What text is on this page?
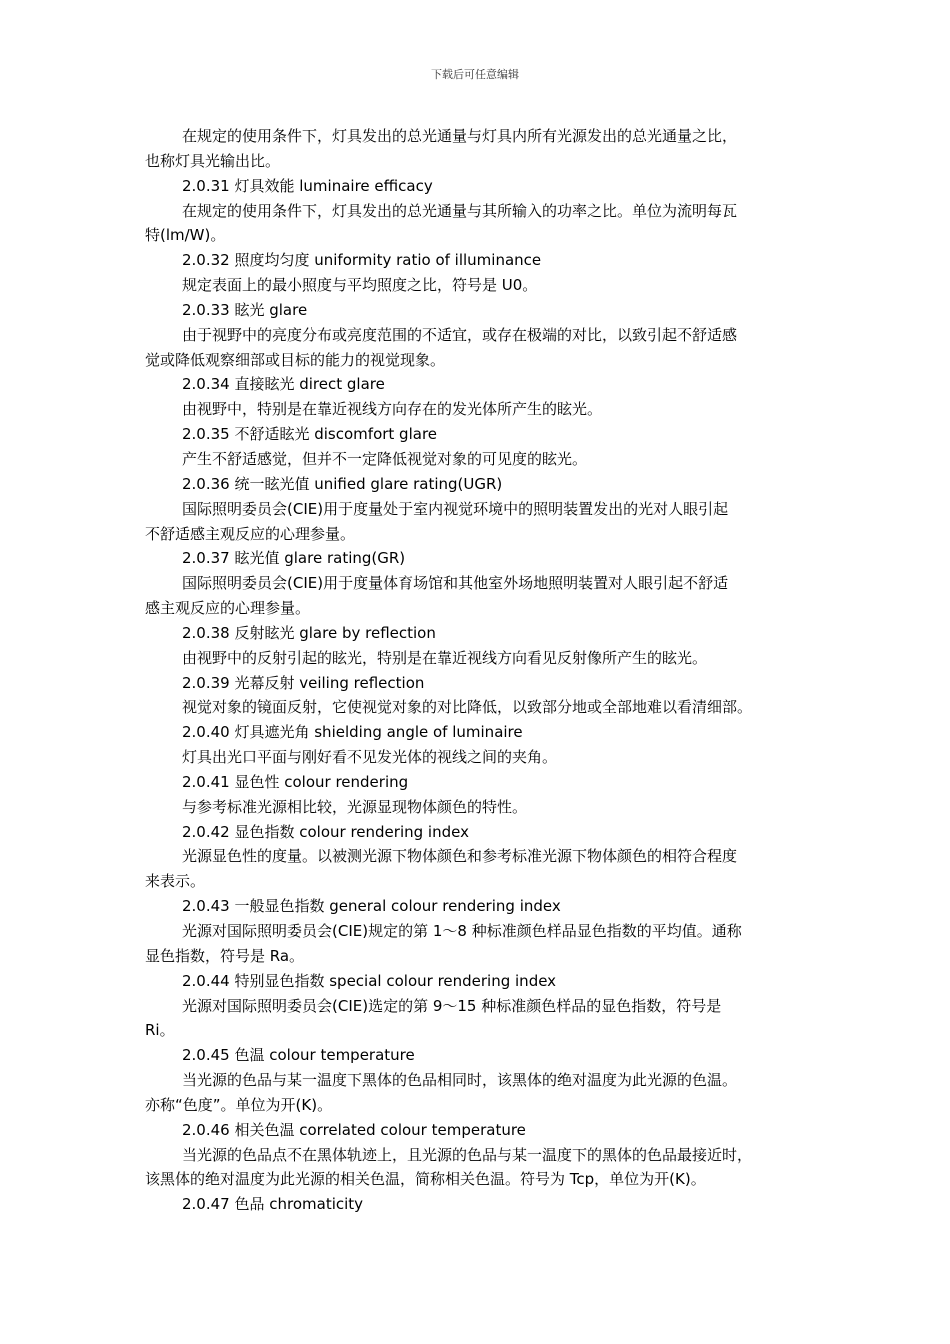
下载后可任意编辑
在规定的使用条件下，灯具发出的总光通量与灯具内所有光源发出的总光通量之比，
也称灯具光输出比。
2.0.31 灯具效能 luminaire efficacy
在规定的使用条件下，灯具发出的总光通量与其所输入的功率之比。单位为流明每瓦
特(lm/W)。
2.0.32 照度均匀度 uniformity ratio of illuminance
规定表面上的最小照度与平均照度之比，符号是 U0。
2.0.33 眩光 glare
由于视野中的亮度分布或亮度范围的不适宜，或存在极端的对比，以致引起不舒适感
觉或降低观察细部或目标的能力的视觉现象。
2.0.34 直接眩光 direct glare
由视野中，特别是在靠近视线方向存在的发光体所产生的眩光。
2.0.35 不舒适眩光 discomfort glare
产生不舒适感觉，但并不一定降低视觉对象的可见度的眩光。
2.0.36 统一眩光值 unified glare rating(UGR)
国际照明委员会(CIE)用于度量处于室内视觉环境中的照明装置发出的光对人眼引起
不舒适感主观反应的心理参量。
2.0.37 眩光值 glare rating(GR)
国际照明委员会(CIE)用于度量体育场馆和其他室外场地照明装置对人眼引起不舒适
感主观反应的心理参量。
2.0.38 反射眩光 glare by reflection
由视野中的反射引起的眩光，特别是在靠近视线方向看见反射像所产生的眩光。
2.0.39 光幕反射 veiling reflection
视觉对象的镜面反射，它使视觉对象的对比降低，以致部分地或全部地难以看清细部。
2.0.40 灯具遮光角 shielding angle of luminaire
灯具出光口平面与刚好看不见发光体的视线之间的夹角。
2.0.41 显色性 colour rendering
与参考标准光源相比较，光源显现物体颜色的特性。
2.0.42 显色指数 colour rendering index
光源显色性的度量。以被测光源下物体颜色和参考标准光源下物体颜色的相符合程度
来表示。
2.0.43 一般显色指数 general colour rendering index
光源对国际照明委员会(CIE)规定的第 1～8 种标准颜色样品显色指数的平均值。通称
显色指数，符号是 Ra。
2.0.44 特别显色指数 special colour rendering index
光源对国际照明委员会(CIE)选定的第 9～15 种标准颜色样品的显色指数，符号是
Ri。
2.0.45 色温 colour temperature
当光源的色品与某一温度下黑体的色品相同时，该黑体的绝对温度为此光源的色温。
亦称“色度”。单位为开(K)。
2.0.46 相关色温 correlated colour temperature
当光源的色品点不在黑体轨迹上，且光源的色品与某一温度下的黑体的色品最接近时，
该黑体的绝对温度为此光源的相关色温，简称相关色温。符号为 Tcp，单位为开(K)。
2.0.47 色品 chromaticity
